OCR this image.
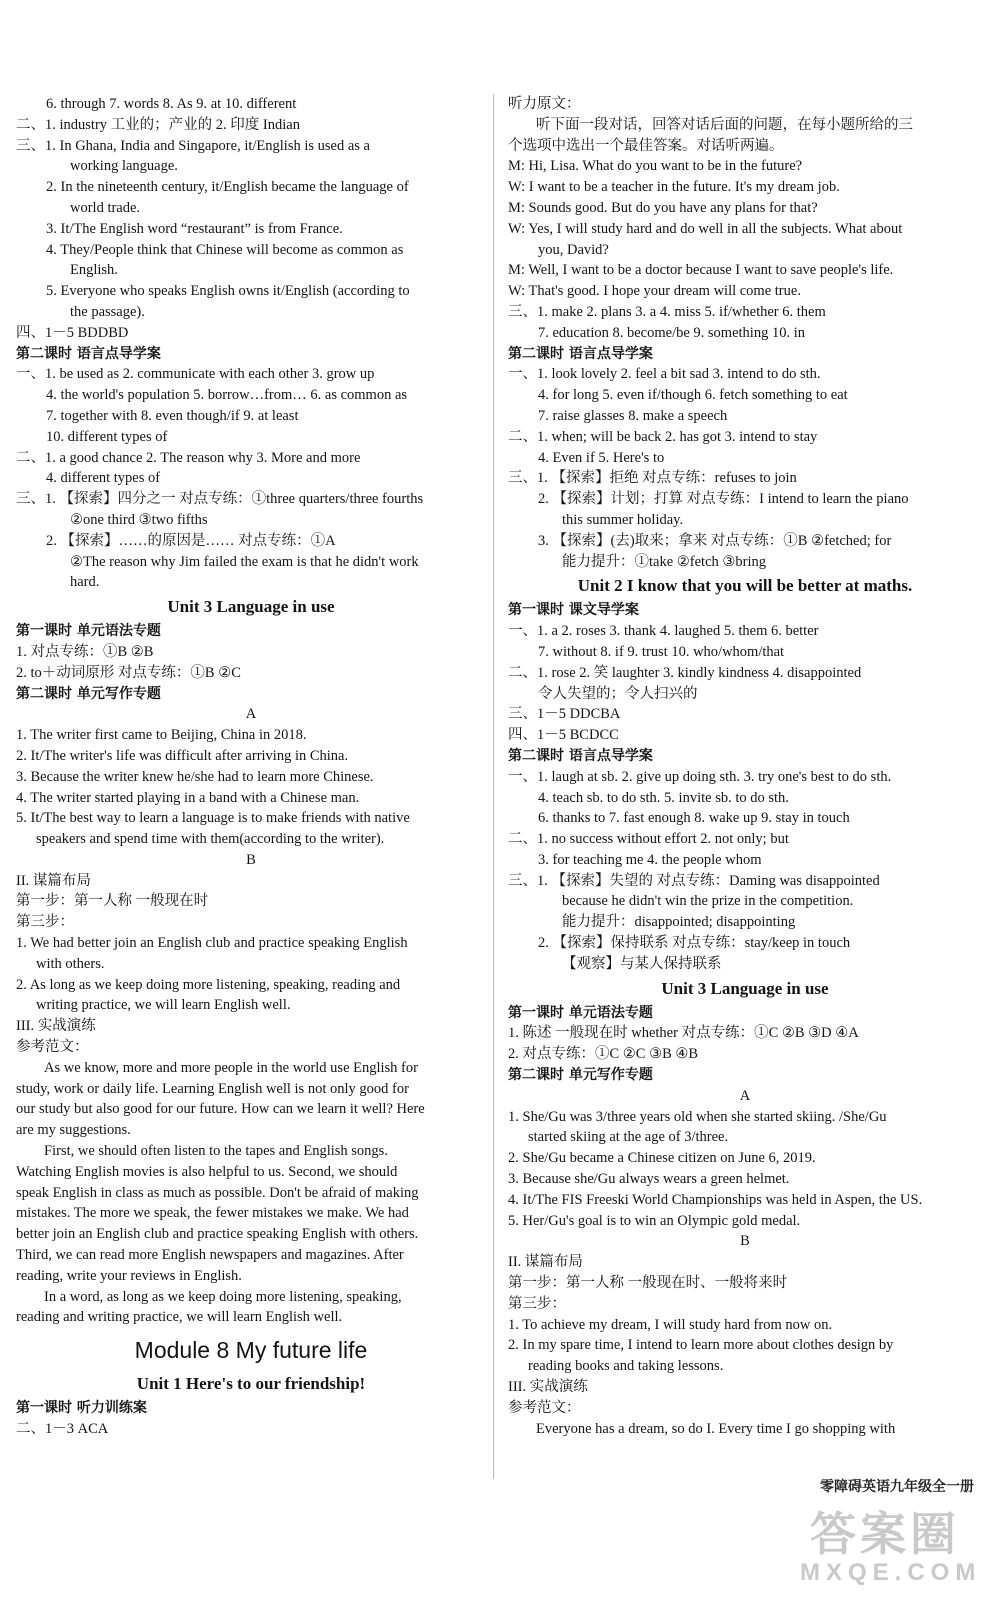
6. through 7. words 8. As 9. at 10. different
二、1. industry 工业的；产业的 2. 印度 Indian
三、1. In Ghana, India and Singapore, it/English is used as a
working language.
2. In the nineteenth century, it/English became the language of
world trade.
3. It/The English word “restaurant” is from France.
4. They/People think that Chinese will become as common as
English.
5. Everyone who speaks English owns it/English (according to
the passage).
四、1－5 BDDBD
第二课时 语言点导学案
一、1. be used as 2. communicate with each other 3. grow up
4. the world's population 5. borrow…from… 6. as common as
7. together with 8. even though/if 9. at least
10. different types of
二、1. a good chance 2. The reason why 3. More and more
4. different types of
三、1. 【探索】四分之一 对点专练：①three quarters/three fourths
②one third ③two fifths
2. 【探索】……的原因是…… 对点专练：①A
②The reason why Jim failed the exam is that he didn't work
hard.
Unit 3 Language in use
第一课时 单元语法专题
1. 对点专练：①B ②B
2. to＋动词原形 对点专练：①B ②C
第二课时 单元写作专题
A
1. The writer first came to Beijing, China in 2018.
2. It/The writer's life was difficult after arriving in China.
3. Because the writer knew he/she had to learn more Chinese.
4. The writer started playing in a band with a Chinese man.
5. It/The best way to learn a language is to make friends with native
speakers and spend time with them(according to the writer).
B
II. 谋篇布局
第一步：第一人称 一般现在时
第三步：
1. We had better join an English club and practice speaking English
with others.
2. As long as we keep doing more listening, speaking, reading and
writing practice, we will learn English well.
III. 实战演练
参考范文：
As we know, more and more people in the world use English for
study, work or daily life. Learning English well is not only good for
our study but also good for our future. How can we learn it well? Here
are my suggestions.
First, we should often listen to the tapes and English songs.
Watching English movies is also helpful to us. Second, we should
speak English in class as much as possible. Don't be afraid of making
mistakes. The more we speak, the fewer mistakes we make. We had
better join an English club and practice speaking English with others.
Third, we can read more English newspapers and magazines. After
reading, write your reviews in English.
In a word, as long as we keep doing more listening, speaking,
reading and writing practice, we will learn English well.
Module 8 My future life
Unit 1 Here's to our friendship!
第一课时 听力训练案
二、1－3 ACA
听力原文：
听下面一段对话，回答对话后面的问题，在每小题所给的三
个选项中选出一个最佳答案。对话听两遍。
M: Hi, Lisa. What do you want to be in the future?
W: I want to be a teacher in the future. It's my dream job.
M: Sounds good. But do you have any plans for that?
W: Yes, I will study hard and do well in all the subjects. What about
you, David?
M: Well, I want to be a doctor because I want to save people's life.
W: That's good. I hope your dream will come true.
三、1. make 2. plans 3. a 4. miss 5. if/whether 6. them
7. education 8. become/be 9. something 10. in
第二课时 语言点导学案
一、1. look lovely 2. feel a bit sad 3. intend to do sth.
4. for long 5. even if/though 6. fetch something to eat
7. raise glasses 8. make a speech
二、1. when; will be back 2. has got 3. intend to stay
4. Even if 5. Here's to
三、1. 【探索】拒绝 对点专练：refuses to join
2. 【探索】计划；打算 对点专练：I intend to learn the piano
this summer holiday.
3. 【探索】(去)取来；拿来 对点专练：①B ②fetched; for
能力提升：①take ②fetch ③bring
Unit 2 I know that you will be better at maths.
第一课时 课文导学案
一、1. a 2. roses 3. thank 4. laughed 5. them 6. better
7. without 8. if 9. trust 10. who/whom/that
二、1. rose 2. 笑 laughter 3. kindly kindness 4. disappointed
令人失望的；令人扫兴的
三、1－5 DDCBA
四、1－5 BCDCC
第二课时 语言点导学案
一、1. laugh at sb. 2. give up doing sth. 3. try one's best to do sth.
4. teach sb. to do sth. 5. invite sb. to do sth.
6. thanks to 7. fast enough 8. wake up 9. stay in touch
二、1. no success without effort 2. not only; but
3. for teaching me 4. the people whom
三、1. 【探索】失望的 对点专练：Daming was disappointed
because he didn't win the prize in the competition.
能力提升：disappointed; disappointing
2. 【探索】保持联系 对点专练：stay/keep in touch
【观察】与某人保持联系
Unit 3 Language in use
第一课时 单元语法专题
1. 陈述 一般现在时 whether 对点专练：①C ②B ③D ④A
2. 对点专练：①C ②C ③B ④B
第二课时 单元写作专题
A
1. She/Gu was 3/three years old when she started skiing. /She/Gu
started skiing at the age of 3/three.
2. She/Gu became a Chinese citizen on June 6, 2019.
3. Because she/Gu always wears a green helmet.
4. It/The FIS Freeski World Championships was held in Aspen, the US.
5. Her/Gu's goal is to win an Olympic gold medal.
B
II. 谋篇布局
第一步：第一人称 一般现在时、一般将来时
第三步：
1. To achieve my dream, I will study hard from now on.
2. In my spare time, I intend to learn more about clothes design by
reading books and taking lessons.
III. 实战演练
参考范文：
Everyone has a dream, so do I. Every time I go shopping with
零障碍英语九年级全一册
答案圈
MXQE.COM
